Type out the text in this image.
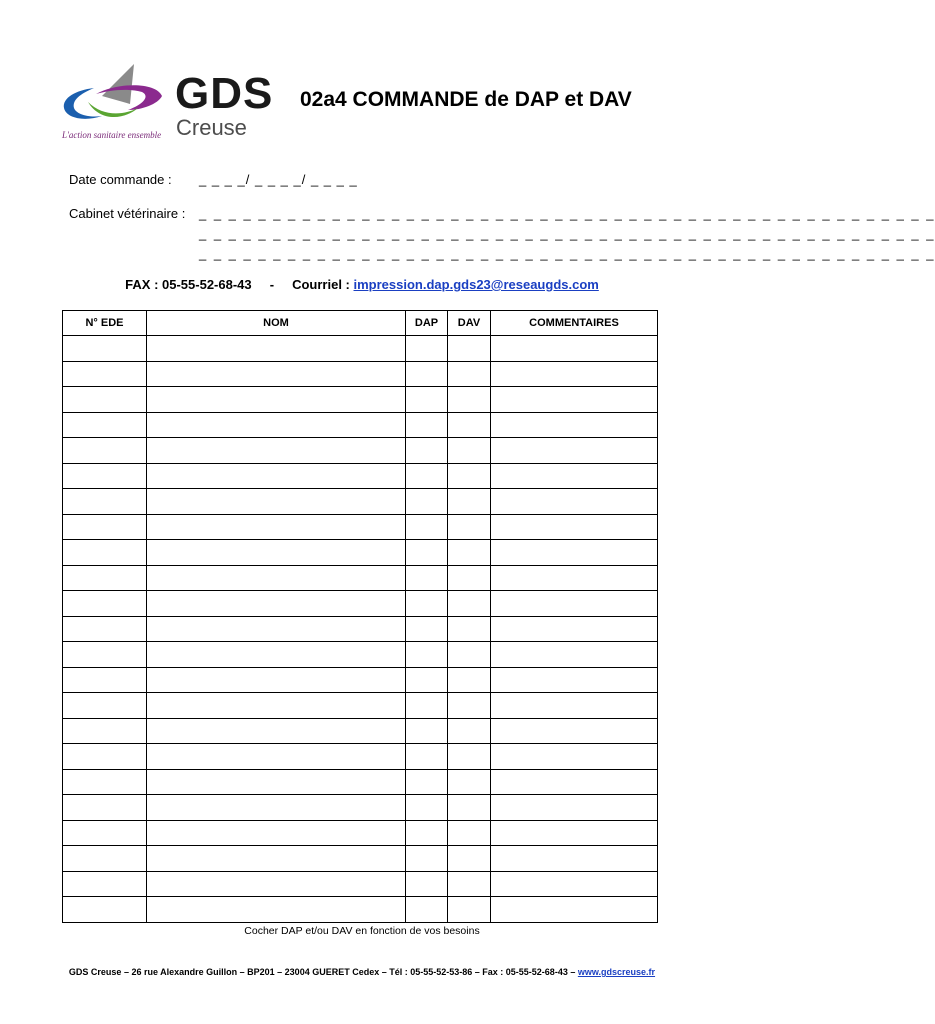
GDS
Creuse
L'action sanitaire ensemble
02a4 COMMANDE de DAP et DAV
Date commande : _ _ _ _/ _ _ _ _/ _ _ _ _
Cabinet vétérinaire : _ _ _ _ _ _ _ _ _ _ _ _ _ _ _ _ _ _ _ _ _ _ _ _ _ _ _ _ _ _ _ _ _ _ _ _ _ _ _ _ _ _ _ _ _ _ _ _ _ _
_ _ _ _ _ _ _ _ _ _ _ _ _ _ _ _ _ _ _ _ _ _ _ _ _ _ _ _ _ _ _ _ _ _ _ _ _ _ _ _ _ _ _ _ _ _ _ _ _ _
_ _ _ _ _ _ _ _ _ _ _ _ _ _ _ _ _ _ _ _ _ _ _ _ _ _ _ _ _ _ _ _ _ _ _ _ _ _ _ _ _ _ _ _ _ _ _ _ _ _
FAX : 05-55-52-68-43 - Courriel : impression.dap.gds23@reseaugds.com
N° EDE	NOM	DAP	DAV	COMMENTAIRES

Cocher DAP et/ou DAV en fonction de vos besoins
GDS Creuse – 26 rue Alexandre Guillon – BP201 – 23004 GUERET Cedex – Tél : 05-55-52-53-86 – Fax : 05-55-52-68-43 – www.gdscreuse.fr
